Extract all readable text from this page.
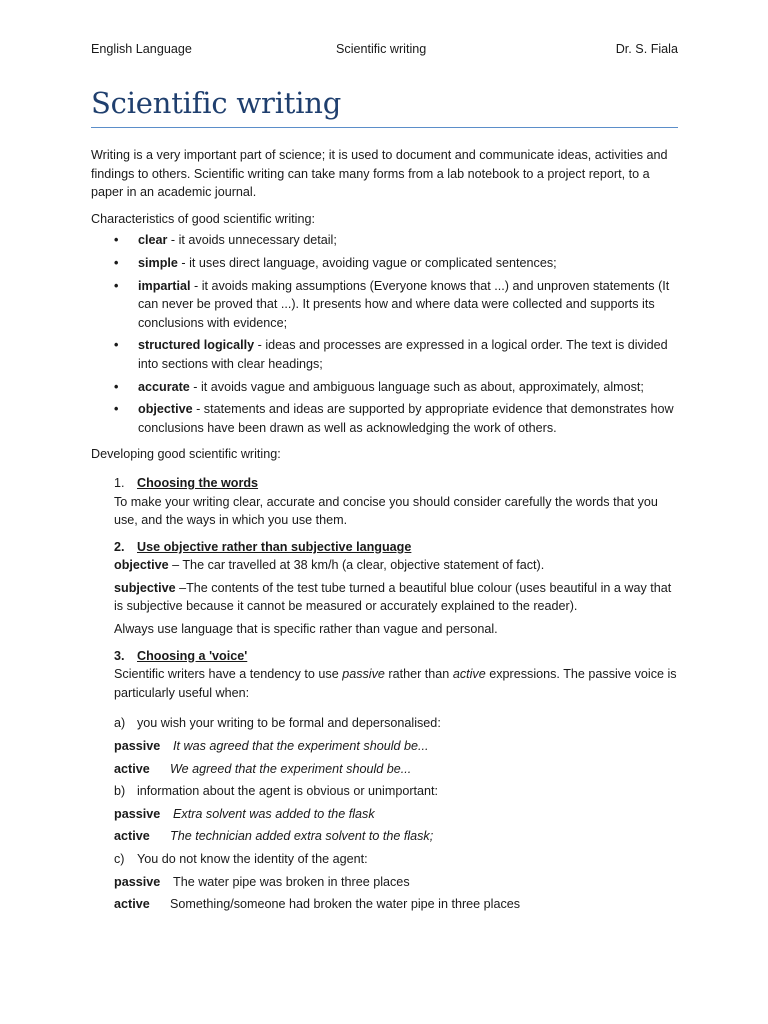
English Language	Scientific writing	Dr. S. Fiala
Scientific writing

Writing is a very important part of science; it is used to document and communicate ideas, activities and findings to others. Scientific writing can take many forms from a lab notebook to a project report, to a paper in an academic journal.

Characteristics of good scientific writing:

• clear - it avoids unnecessary detail;
• simple - it uses direct language, avoiding vague or complicated sentences;
• impartial - it avoids making assumptions (Everyone knows that ...) and unproven statements (It can never be proved that ...). It presents how and where data were collected and supports its conclusions with evidence;
• structured logically - ideas and processes are expressed in a logical order. The text is divided into sections with clear headings;
• accurate - it avoids vague and ambiguous language such as about, approximately, almost;
• objective - statements and ideas are supported by appropriate evidence that demonstrates how conclusions have been drawn as well as acknowledging the work of others.

Developing good scientific writing:

1. Choosing the words

To make your writing clear, accurate and concise you should consider carefully the words that you use, and the ways in which you use them.

2. Use objective rather than subjective language

objective – The car travelled at 38 km/h (a clear, objective statement of fact).

subjective –The contents of the test tube turned a beautiful blue colour (uses beautiful in a way that is subjective because it cannot be measured or accurately explained to the reader).

Always use language that is specific rather than vague and personal.

3. Choosing a 'voice'

Scientific writers have a tendency to use passive rather than active expressions. The passive voice is particularly useful when:

a) you wish your writing to be formal and depersonalised:

passive It was agreed that the experiment should be...

active We agreed that the experiment should be...

b) information about the agent is obvious or unimportant:

passive Extra solvent was added to the flask

active The technician added extra solvent to the flask;

c) You do not know the identity of the agent:

passive The water pipe was broken in three places

active Something/someone had broken the water pipe in three places
